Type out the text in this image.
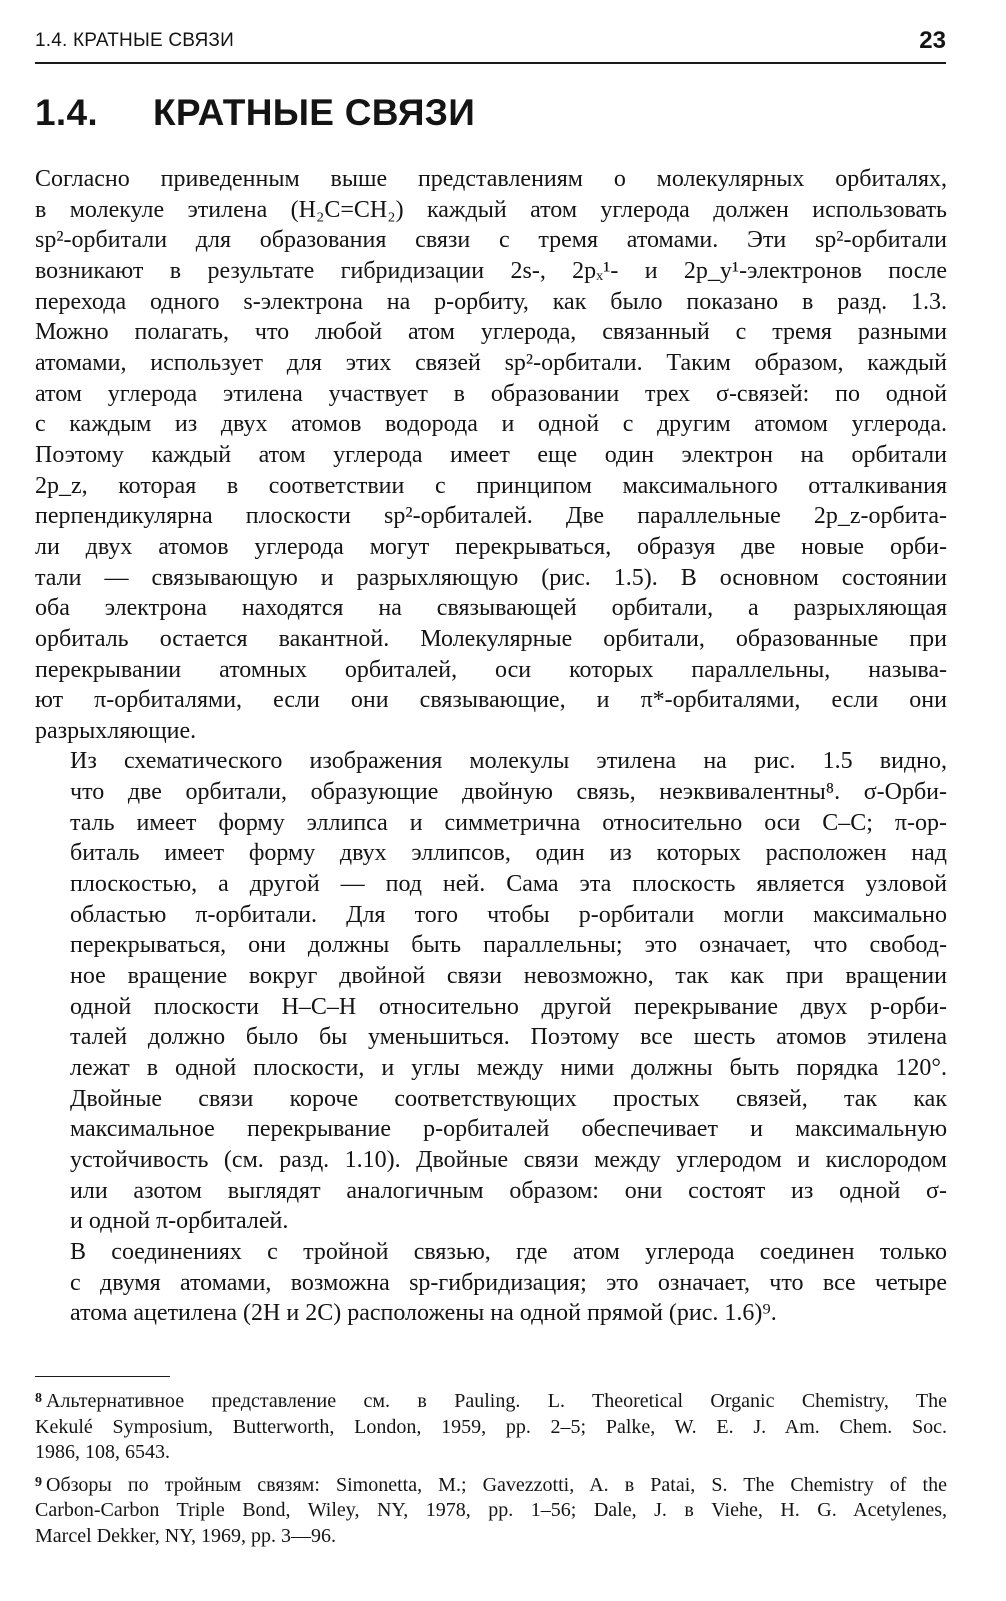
1.4. КРАТНЫЕ СВЯЗИ	23
1.4. КРАТНЫЕ СВЯЗИ

Согласно приведенным выше представлениям о молекулярных орбиталях,
в молекуле этилена (H₂C=CH₂) каждый атом углерода должен использовать
sp²-орбитали для образования связи с тремя атомами. Эти sp²-орбитали
возникают в результате гибридизации 2s-, 2pₓ¹- и 2p_y¹-электронов после
перехода одного s-электрона на p-орбиту, как было показано в разд. 1.3.
Можно полагать, что любой атом углерода, связанный с тремя разными
атомами, использует для этих связей sp²-орбитали. Таким образом, каждый
атом углерода этилена участвует в образовании трех σ-связей: по одной
с каждым из двух атомов водорода и одной с другим атомом углерода.
Поэтому каждый атом углерода имеет еще один электрон на орбитали
2p_z, которая в соответствии с принципом максимального отталкивания
перпендикулярна плоскости sp²-орбиталей. Две параллельные 2p_z-орбита-
ли двух атомов углерода могут перекрываться, образуя две новые орби-
тали — связывающую и разрыхляющую (рис. 1.5). В основном состоянии
оба электрона находятся на связывающей орбитали, а разрыхляющая
орбиталь остается вакантной. Молекулярные орбитали, образованные при
перекрывании атомных орбиталей, оси которых параллельны, называ-
ют π-орбиталями, если они связывающие, и π*-орбиталями, если они
разрыхляющие.

Из схематического изображения молекулы этилена на рис. 1.5 видно,
что две орбитали, образующие двойную связь, неэквивалентны⁸. σ-Орби-
таль имеет форму эллипса и симметрична относительно оси C–C; π-ор-
биталь имеет форму двух эллипсов, один из которых расположен над
плоскостью, а другой — под ней. Сама эта плоскость является узловой
областью π-орбитали. Для того чтобы p-орбитали могли максимально
перекрываться, они должны быть параллельны; это означает, что свобод-
ное вращение вокруг двойной связи невозможно, так как при вращении
одной плоскости H–C–H относительно другой перекрывание двух p-орби-
талей должно было бы уменьшиться. Поэтому все шесть атомов этилена
лежат в одной плоскости, и углы между ними должны быть порядка 120°.
Двойные связи короче соответствующих простых связей, так как
максимальное перекрывание p-орбиталей обеспечивает и максимальную
устойчивость (см. разд. 1.10). Двойные связи между углеродом и кислородом
или азотом выглядят аналогичным образом: они состоят из одной σ-
и одной π-орбиталей.

В соединениях с тройной связью, где атом углерода соединен только
с двумя атомами, возможна sp-гибридизация; это означает, что все четыре
атома ацетилена (2H и 2C) расположены на одной прямой (рис. 1.6)⁹.

$^8$ Альтернативное представление см. в Pauling. L. Theoretical Organic Chemistry, The
Kekulé Symposium, Butterworth, London, 1959, pp. 2–5; Palke, W. E. J. Am. Chem. Soc.
1986, 108, 6543.
$^9$ Обзоры по тройным связям: Simonetta, M.; Gavezzotti, A. в Patai, S. The Chemistry of the
Carbon-Carbon Triple Bond, Wiley, NY, 1978, pp. 1–56; Dale, J. в Viehe, H. G. Acetylenes,
Marcel Dekker, NY, 1969, pp. 3—96.
